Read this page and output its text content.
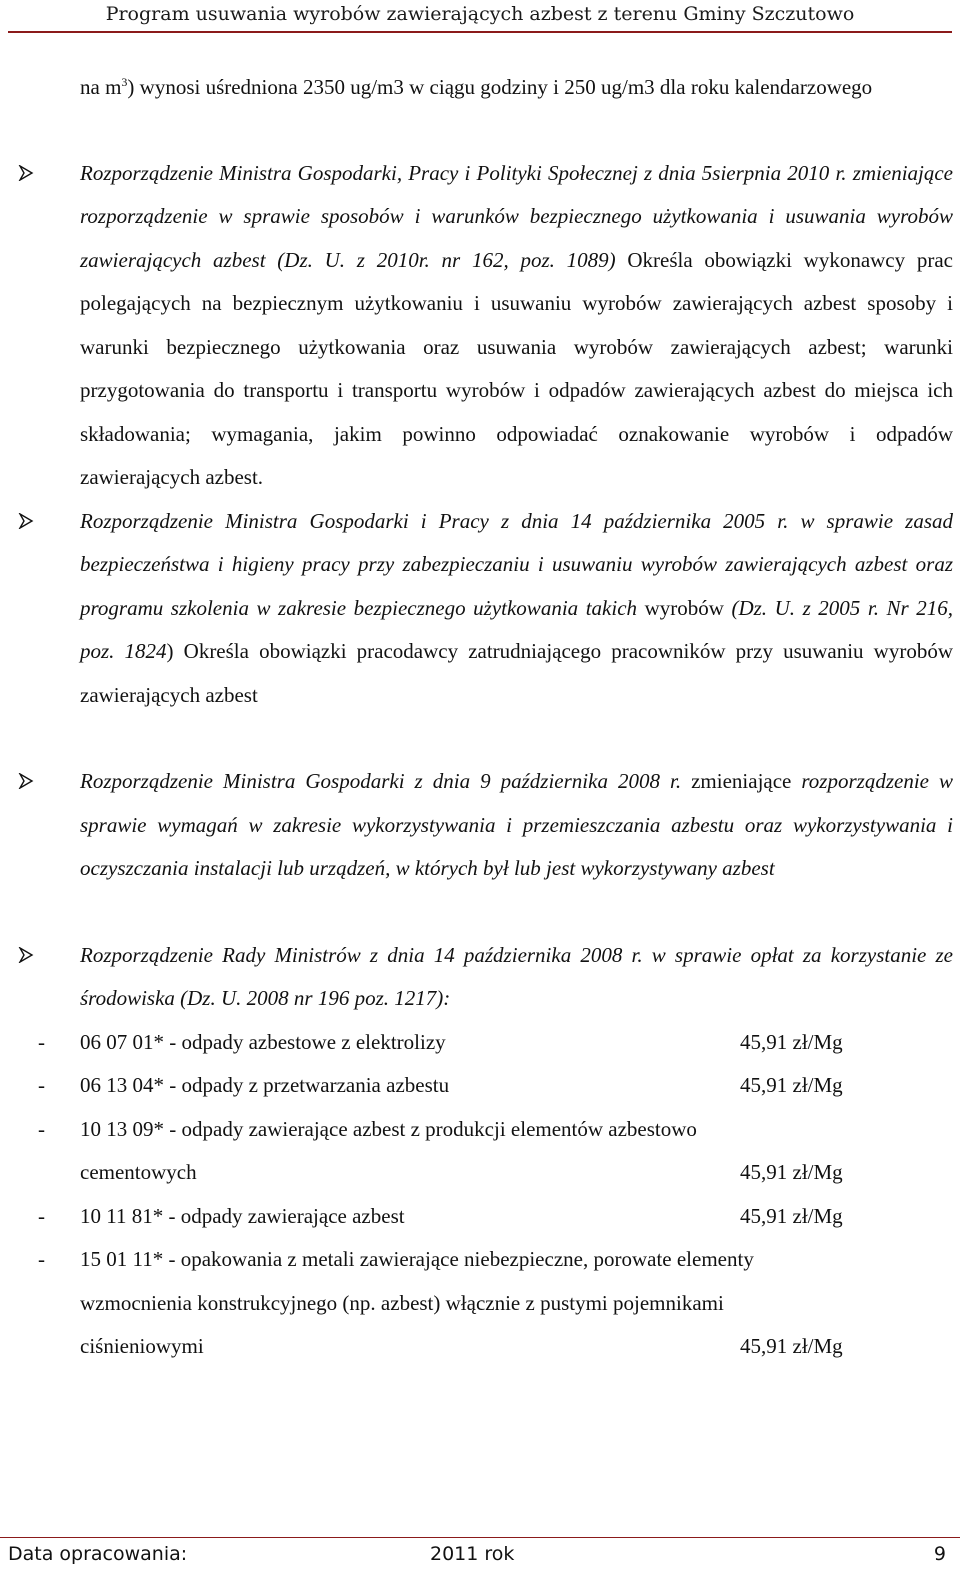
Program usuwania wyrobów zawierających azbest z terenu Gminy Szczutowo

na $m^3$) wynosi uśredniona 2350 ug/m3 w ciągu godziny i 250 ug/m3 dla roku kalendarzowego

Rozporządzenie Ministra Gospodarki, Pracy i Polityki Społecznej z dnia 5sierpnia 2010 r. zmieniające rozporządzenie w sprawie sposobów i warunków bezpiecznego użytkowania i usuwania wyrobów zawierających azbest (Dz. U. z 2010r. nr 162, poz. 1089) Określa obowiązki wykonawcy prac polegających na bezpiecznym użytkowaniu i usuwaniu wyrobów zawierających azbest sposoby i warunki bezpiecznego użytkowania oraz usuwania wyrobów zawierających azbest; warunki przygotowania do transportu i transportu wyrobów i odpadów zawierających azbest do miejsca ich składowania; wymagania, jakim powinno odpowiadać oznakowanie wyrobów i odpadów zawierających azbest.

Rozporządzenie Ministra Gospodarki i Pracy z dnia 14 października 2005 r. w sprawie zasad bezpieczeństwa i higieny pracy przy zabezpieczaniu i usuwaniu wyrobów zawierających azbest oraz programu szkolenia w zakresie bezpiecznego użytkowania takich wyrobów (Dz. U. z 2005 r. Nr 216, poz. 1824) Określa obowiązki pracodawcy zatrudniającego pracowników przy usuwaniu wyrobów zawierających azbest

Rozporządzenie Ministra Gospodarki z dnia 9 października 2008 r. zmieniające rozporządzenie w sprawie wymagań w zakresie wykorzystywania i przemieszczania azbestu oraz wykorzystywania i oczyszczania instalacji lub urządzeń, w których był lub jest wykorzystywany azbest

Rozporządzenie Rady Ministrów z dnia 14 października 2008 r. w sprawie opłat za korzystanie ze środowiska (Dz. U. 2008 nr 196 poz. 1217):

- 06 07 01* - odpady azbestowe z elektrolizy	45,91 zł/Mg
- 06 13 04* - odpady z przetwarzania azbestu	45,91 zł/Mg
- 10 13 09* - odpady zawierające azbest z produkcji elementów azbestowo
cementowych	45,91 zł/Mg
- 10 11 81* - odpady zawierające azbest	45,91 zł/Mg
- 15 01 11* - opakowania z metali zawierające niebezpieczne, porowate elementy
wzmocnienia konstrukcyjnego (np. azbest) włącznie z pustymi pojemnikami
ciśnieniowymi	45,91 zł/Mg
Data opracowania:	2011 rok	9
